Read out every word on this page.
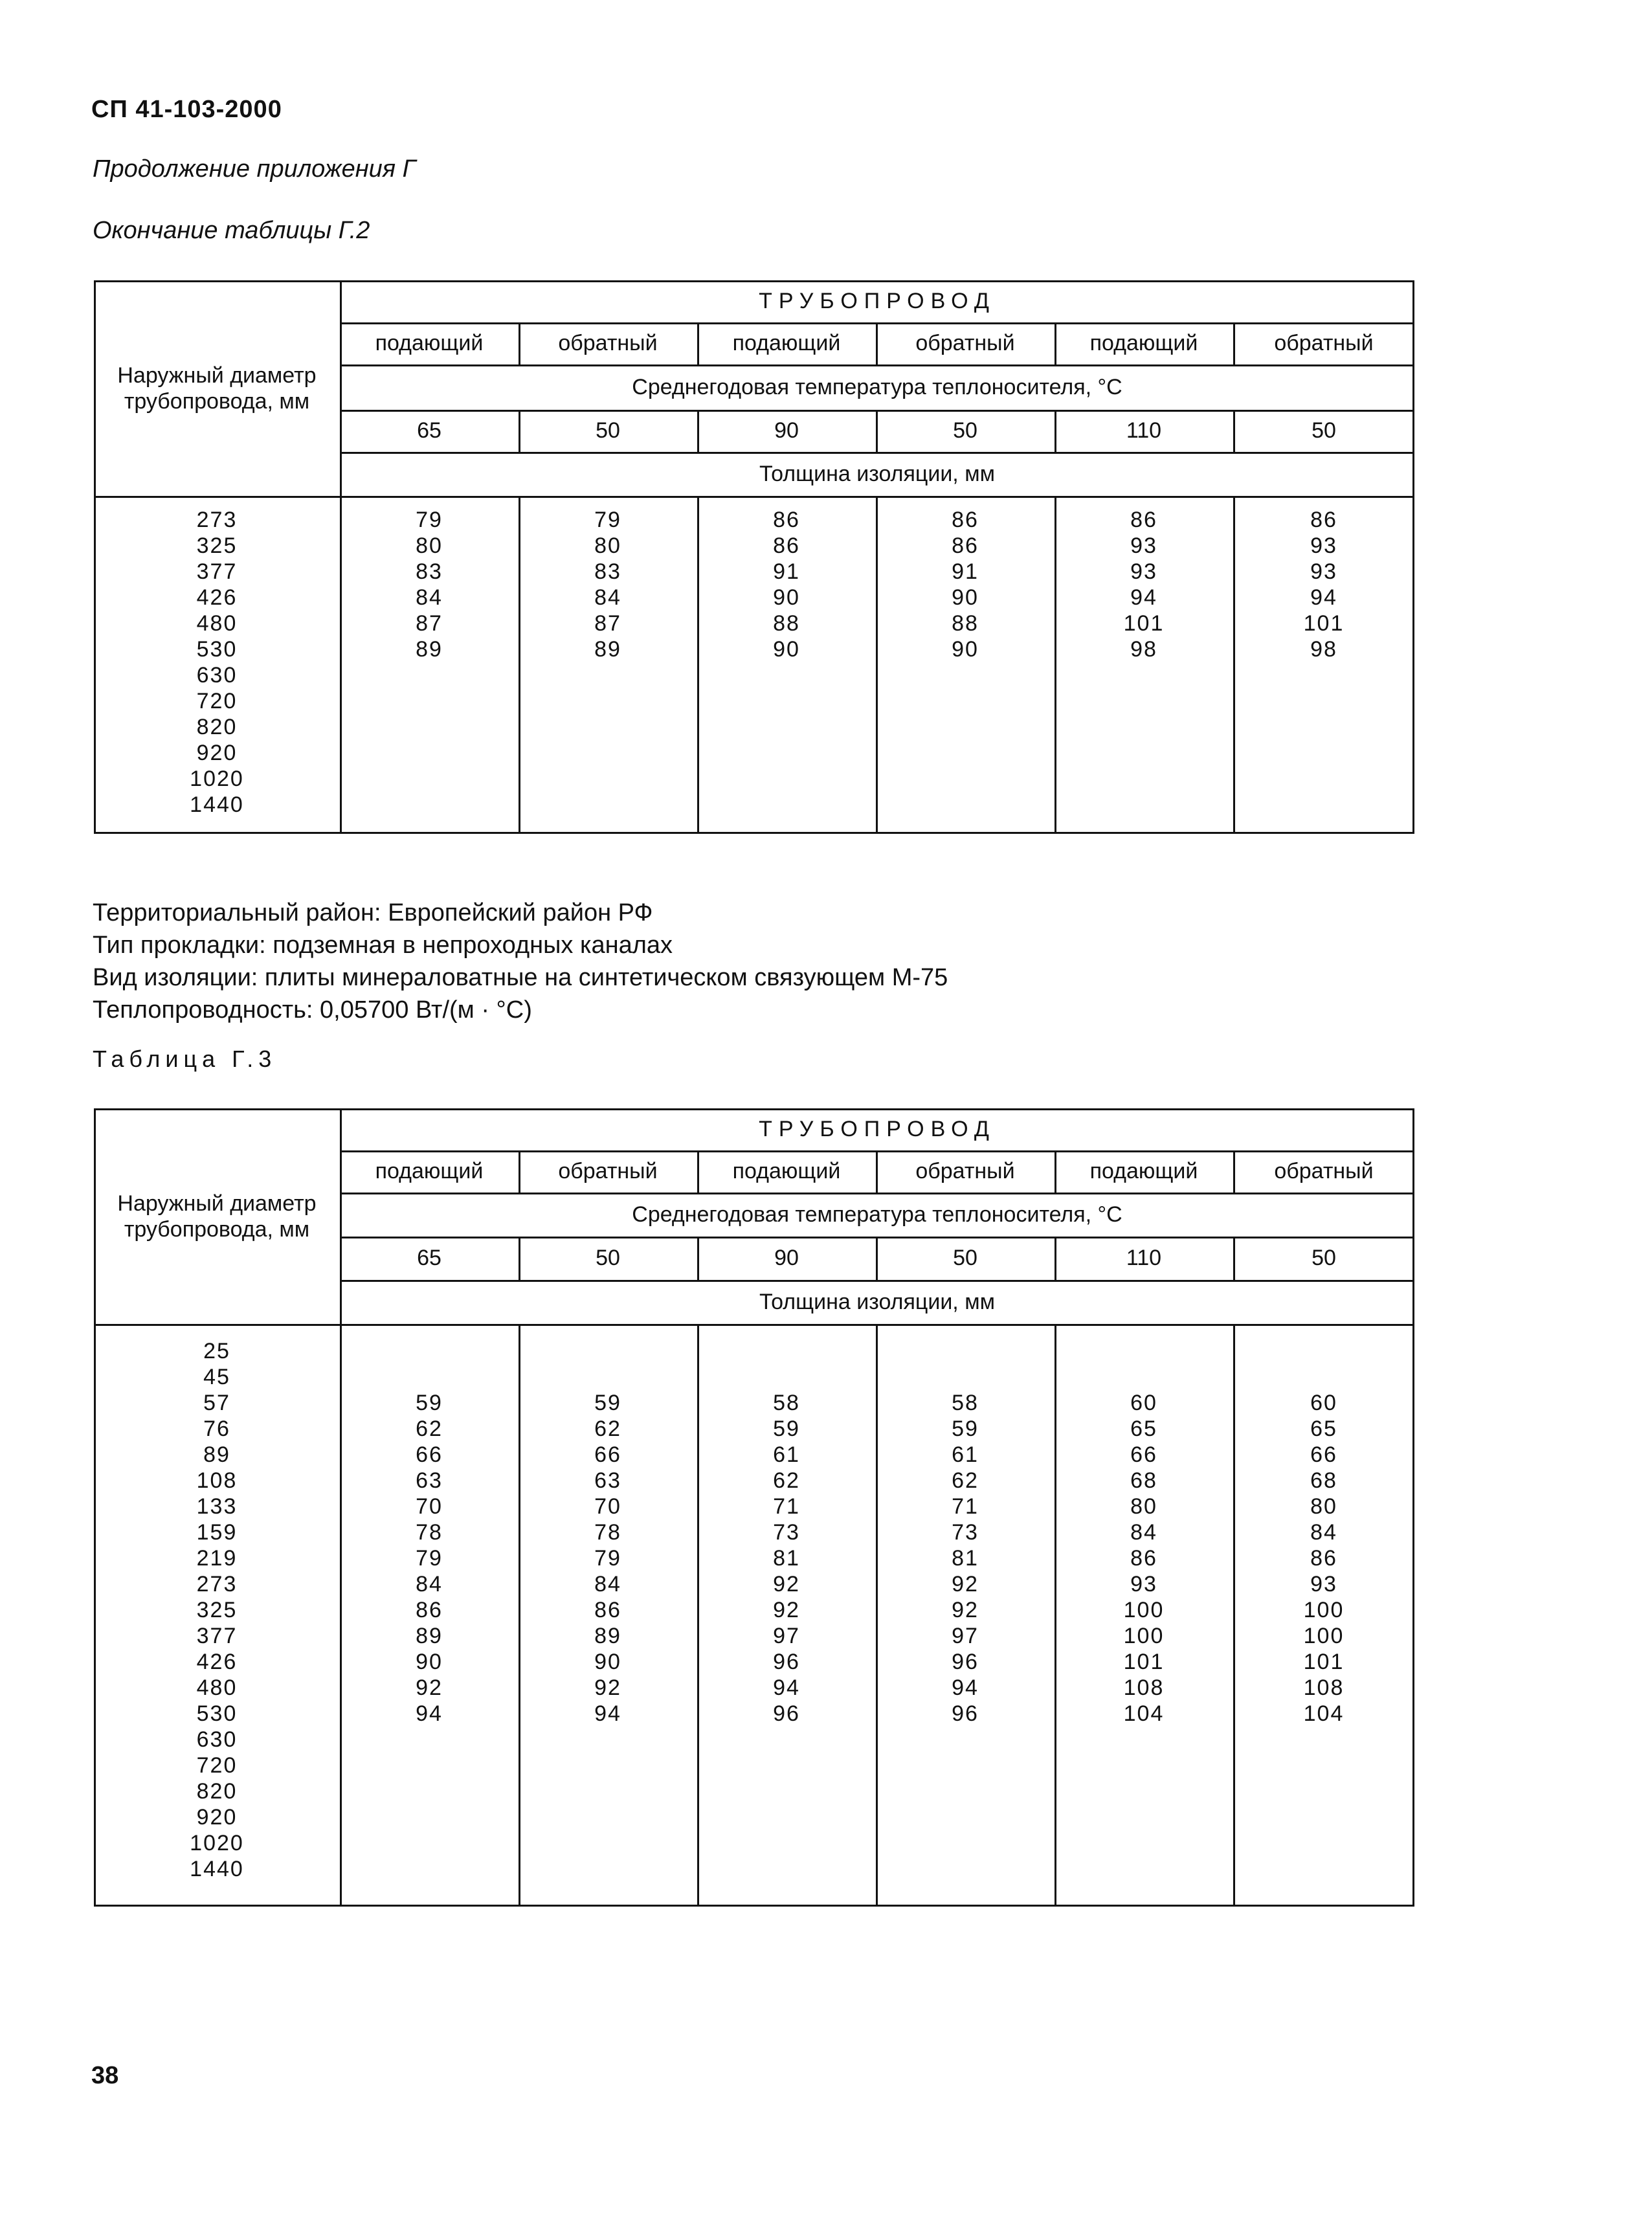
СП 41-103-2000
Продолжение приложения Г
Окончание таблицы Г.2
Наружный диаметр трубопровода, мм
ТРУБОПРОВОД
подающий
65
обратный
50
подающий
90
обратный
50
подающий
110
обратный
50
Среднегодовая температура теплоносителя, °С
Толщина изоляции, мм
273
325
377
426
480
530
630
720
820
920
1020
1440
79
80
83
84
87
89
79
80
83
84
87
89
86
86
91
90
88
90
86
86
91
90
88
90
86
93
93
94
101
98
86
93
93
94
101
98
Территориальный район: Европейский район РФ
Тип прокладки: подземная в непроходных каналах
Вид изоляции: плиты минераловатные на синтетическом связующем М-75
Теплопроводность: 0,05700 Вт/(м · °С)
Таблица Г.3
Наружный диаметр трубопровода, мм
ТРУБОПРОВОД
подающий
65
обратный
50
подающий
90
обратный
50
подающий
110
обратный
50
Среднегодовая температура теплоносителя, °С
Толщина изоляции, мм
25
45
57
76
89
108
133
159
219
273
325
377
426
480
530
630
720
820
920
1020
1440

59
62
66
63
70
78
79
84
86
89
90
92
94

59
62
66
63
70
78
79
84
86
89
90
92
94

58
59
61
62
71
73
81
92
92
97
96
94
96

58
59
61
62
71
73
81
92
92
97
96
94
96

60
65
66
68
80
84
86
93
100
100
101
108
104

60
65
66
68
80
84
86
93
100
100
101
108
104
38
